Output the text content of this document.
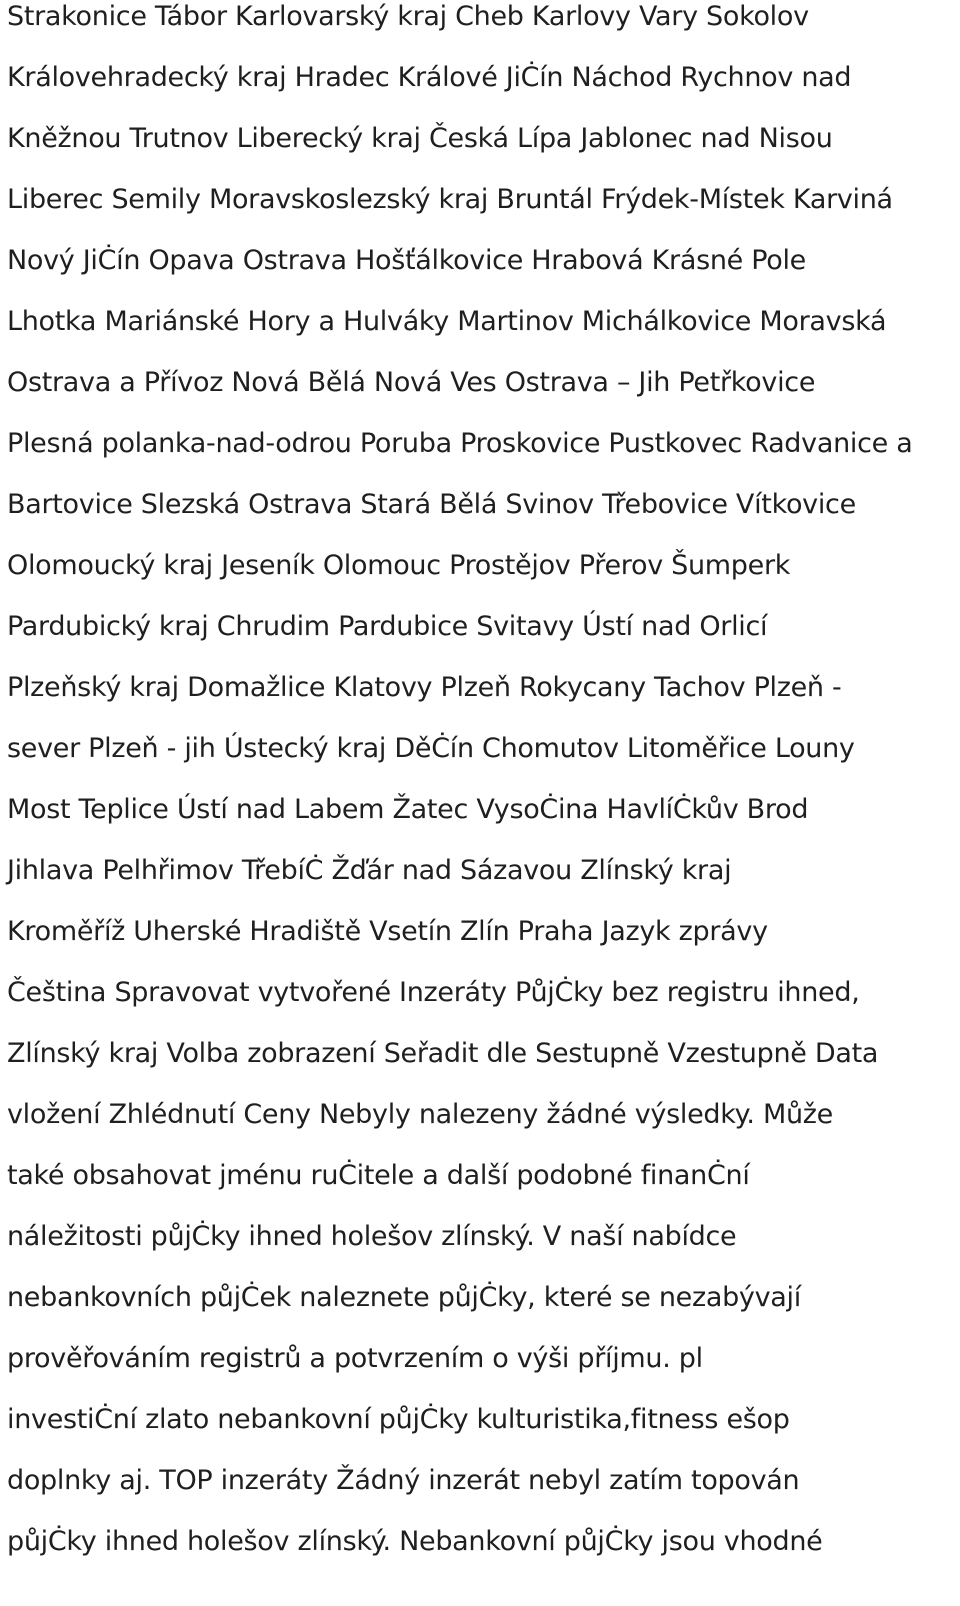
Strakonice Tábor Karlovarský kraj Cheb Karlovy Vary Sokolov
Královehradecký kraj Hradec Králové JiĊín Náchod Rychnov nad
Kněžnou Trutnov Liberecký kraj Česká Lípa Jablonec nad Nisou
Liberec Semily Moravskoslezský kraj Bruntál Frýdek-Místek Karviná
Nový JiĊín Opava Ostrava Hošťálkovice Hrabová Krásné Pole
Lhotka Mariánské Hory a Hulváky Martinov Michálkovice Moravská
Ostrava a Přívoz Nová Bělá Nová Ves Ostrava – Jih Petřkovice
Plesná polanka-nad-odrou Poruba Proskovice Pustkovec Radvanice a
Bartovice Slezská Ostrava Stará Bělá Svinov Třebovice Vítkovice
Olomoucký kraj Jeseník Olomouc Prostějov Přerov Šumperk
Pardubický kraj Chrudim Pardubice Svitavy Ústí nad Orlicí
Plzeňský kraj Domažlice Klatovy Plzeň Rokycany Tachov Plzeň -
sever Plzeň - jih Ústecký kraj DěĊín Chomutov Litoměřice Louny
Most Teplice Ústí nad Labem Žatec VysoĊina HavlíĊkův Brod
Jihlava Pelhřimov TřebíĊ Žďár nad Sázavou Zlínský kraj
Kroměříž Uherské Hradiště Vsetín Zlín Praha Jazyk zprávy
Čeština Spravovat vytvořené Inzeráty PůjĊky bez registru ihned,
Zlínský kraj Volba zobrazení Seřadit dle Sestupně Vzestupně Data
vložení Zhlédnutí Ceny Nebyly nalezeny žádné výsledky. Může
také obsahovat jménu ruĊitele a další podobné finanĊní
náležitosti půjĊky ihned holešov zlínský. V naší nabídce
nebankovních půjĊek naleznete půjĊky, které se nezabývají
prověřováním registrů a potvrzením o výši příjmu. pl
investiĊní zlato nebankovní půjĊky kulturistika,fitness ešop
doplnky aj. TOP inzeráty Žádný inzerát nebyl zatím topován
půjĊky ihned holešov zlínský. Nebankovní půjĊky jsou vhodné
